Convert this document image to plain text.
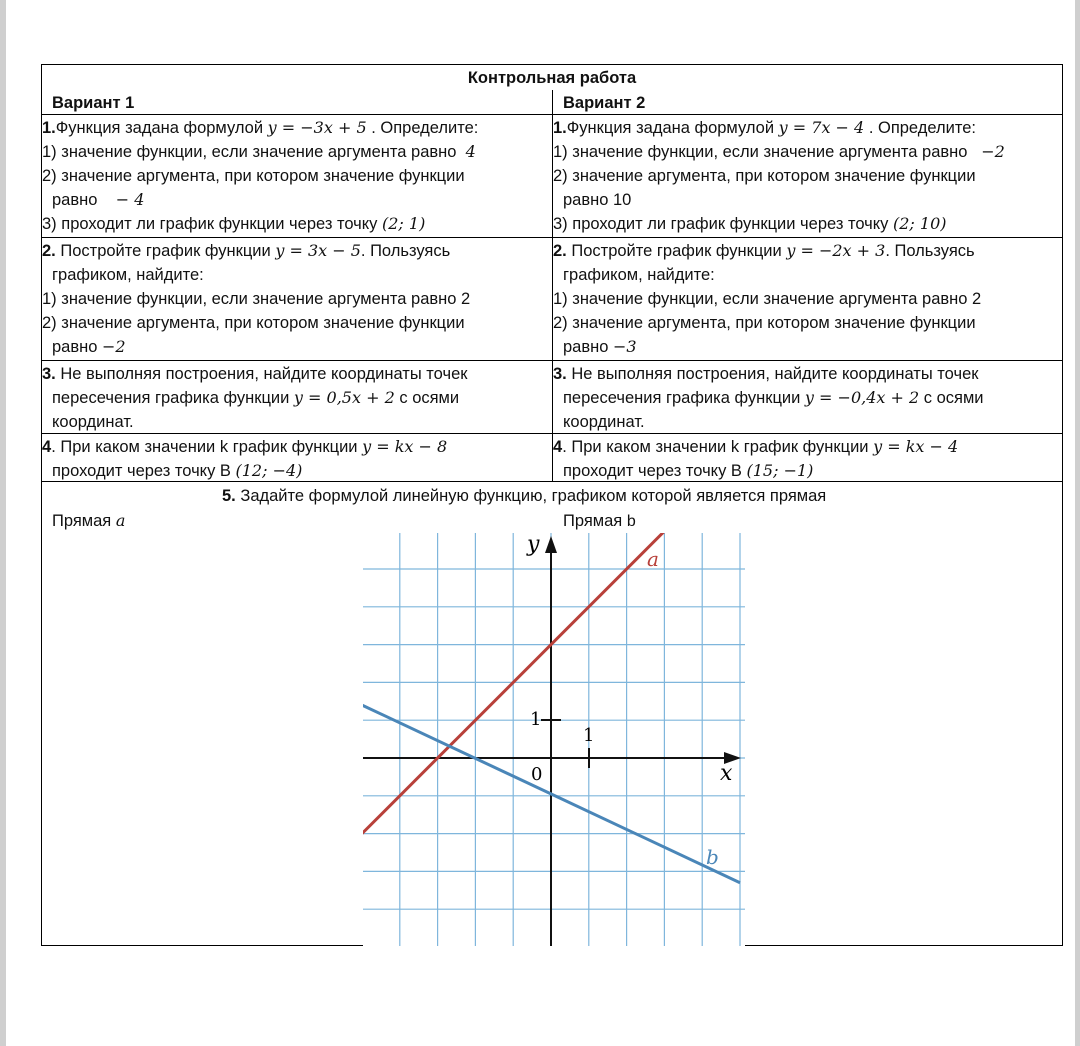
Контрольная работа
Вариант 1	Вариант 2
1.Функция задана формулой y = −3x + 5 . Определите:
1) значение функции, если значение аргумента равно 4
2) значение аргумента, при котором значение функции
равно − 4
3) проходит ли график функции через точку (2; 1)
1.Функция задана формулой y = 7x − 4 . Определите:
1) значение функции, если значение аргумента равно −2
2) значение аргумента, при котором значение функции
равно 10
3) проходит ли график функции через точку (2; 10)
2. Постройте график функции y = 3x − 5. Пользуясь
графиком, найдите:
1) значение функции, если значение аргумента равно 2
2) значение аргумента, при котором значение функции
равно −2
2. Постройте график функции y = −2x + 3. Пользуясь
графиком, найдите:
1) значение функции, если значение аргумента равно 2
2) значение аргумента, при котором значение функции
равно −3
3. Не выполняя построения, найдите координаты точек
пересечения графика функции y = 0,5x + 2 с осями
координат.
3. Не выполняя построения, найдите координаты точек
пересечения графика функции y = −0,4x + 2 с осями
координат.
4. При каком значении k график функции y = kx − 8
проходит через точку В (12; −4)
4. При каком значении k график функции y = kx − 4
проходит через точку В (15; −1)
5. Задайте формулой линейную функцию, графиком которой является прямая
Прямая a	Прямая b
y
x
0
1
1
a
b
